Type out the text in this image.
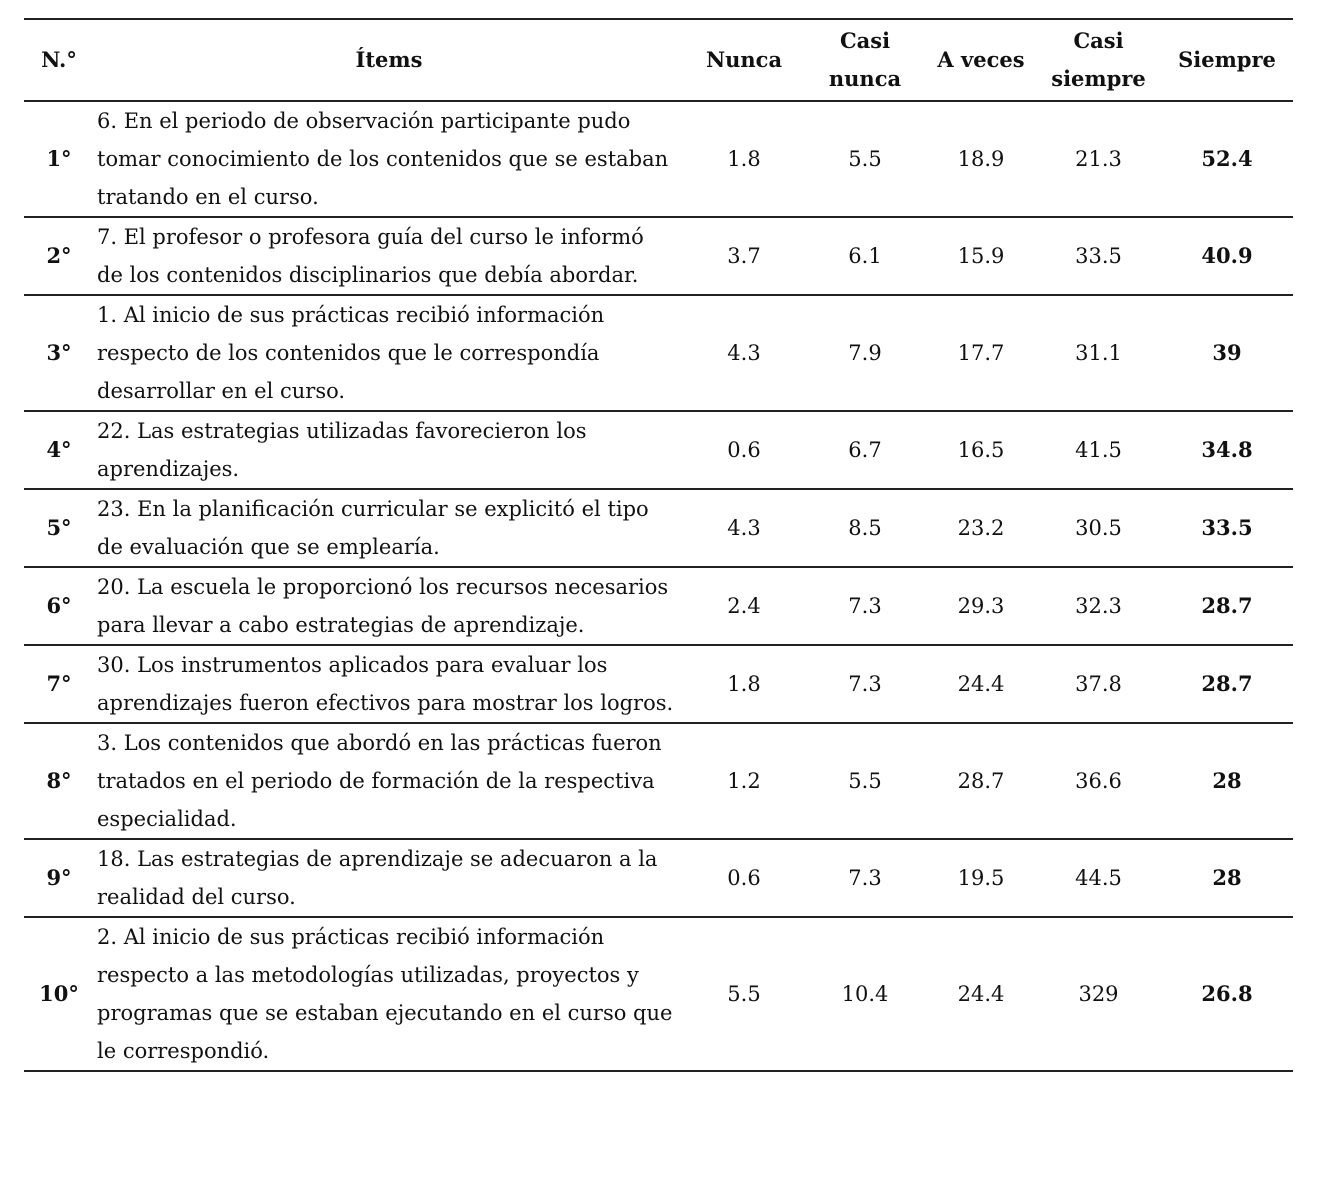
N.°	Ítems	Nunca	Casi nunca	A veces	Casi siempre	Siempre
1°	6. En el periodo de observación participante pudo tomar conocimiento de los contenidos que se estaban tratando en el curso.	1.8	5.5	18.9	21.3	52.4
2°	7. El profesor o profesora guía del curso le informó de los contenidos disciplinarios que debía abordar.	3.7	6.1	15.9	33.5	40.9
3°	1. Al inicio de sus prácticas recibió información respecto de los contenidos que le correspondía desarrollar en el curso.	4.3	7.9	17.7	31.1	39
4°	22. Las estrategias utilizadas favorecieron los aprendizajes.	0.6	6.7	16.5	41.5	34.8
5°	23. En la planificación curricular se explicitó el tipo de evaluación que se emplearía.	4.3	8.5	23.2	30.5	33.5
6°	20. La escuela le proporcionó los recursos necesarios para llevar a cabo estrategias de aprendizaje.	2.4	7.3	29.3	32.3	28.7
7°	30. Los instrumentos aplicados para evaluar los aprendizajes fueron efectivos para mostrar los logros.	1.8	7.3	24.4	37.8	28.7
8°	3. Los contenidos que abordó en las prácticas fueron tratados en el periodo de formación de la respectiva especialidad.	1.2	5.5	28.7	36.6	28
9°	18. Las estrategias de aprendizaje se adecuaron a la realidad del curso.	0.6	7.3	19.5	44.5	28
10°	2. Al inicio de sus prácticas recibió información respecto a las metodologías utilizadas, proyectos y programas que se estaban ejecutando en el curso que le correspondió.	5.5	10.4	24.4	329	26.8
